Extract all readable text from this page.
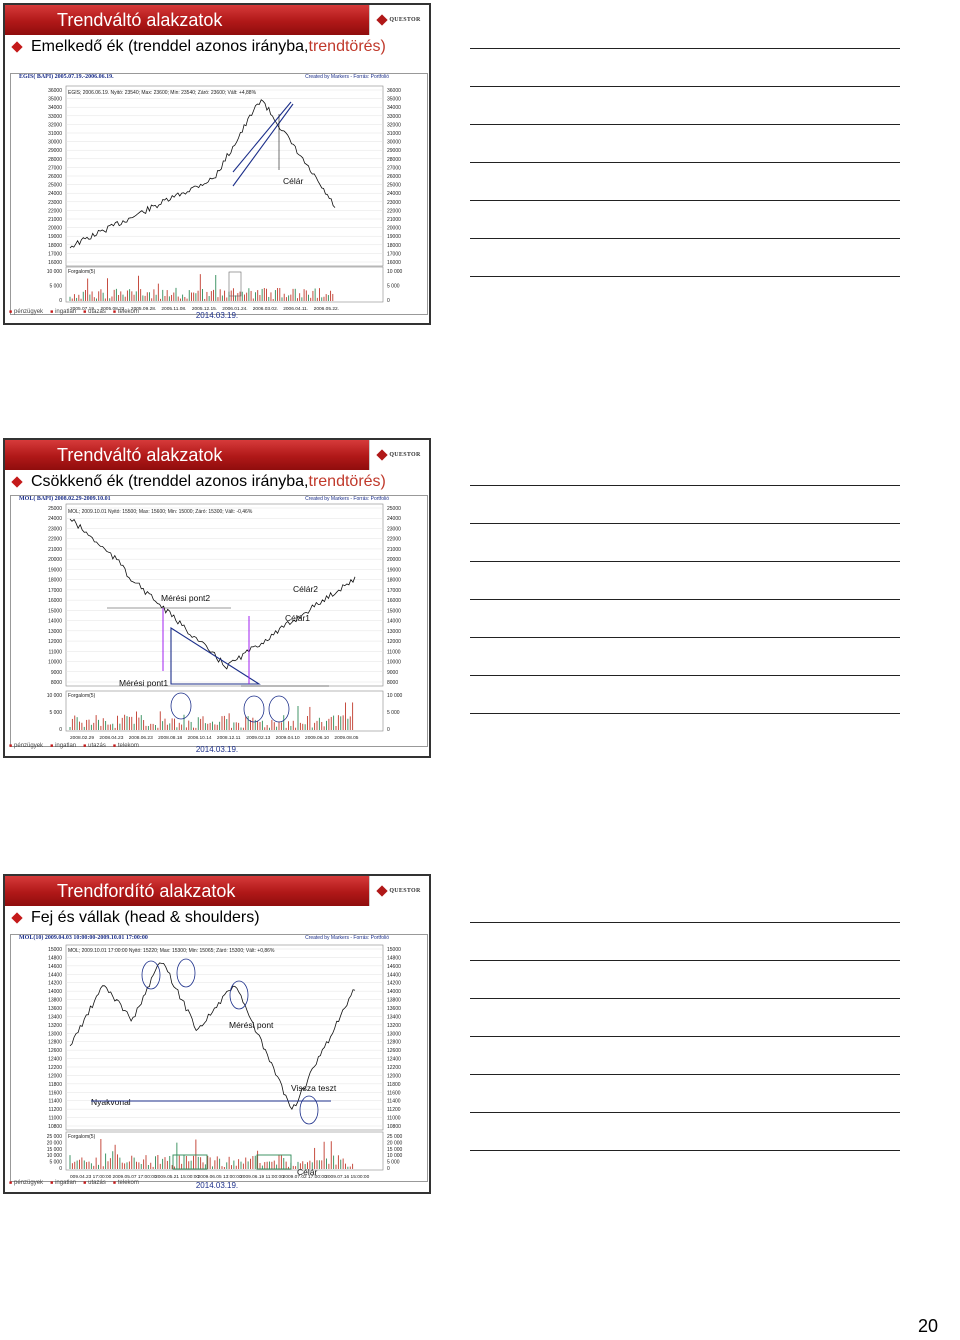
Trendváltó alakzatok	QUESTOR
Emelkedő ék (trenddel azonos irányba, trendtörés)
EGIS( BAPI) 2005.07.19.-2006.06.19.	Created by Markers - Forrás: Portfolió
36000	36000
35000	35000
34000	34000
33000	33000
32000	32000
31000	31000
30000	30000
29000	29000
28000	28000
27000	27000
26000	26000
25000	25000
24000	24000
23000	23000
22000	22000
21000	21000
20000	20000
19000	19000
18000	18000
17000	17000
16000	16000
Forgalom(5)
10 000	10 000
5 000	5 000
0	0
2005.07.19. 2005.08.22. 2005.09.28. 2005.11.08. 2005.12.15. 2006.01.24. 2006.03.02. 2006.04.11. 2006.05.22.
Célár
EGIS; 2006.06.19. Nyitó: 23540; Max: 23600; Min: 23540; Záró: 23600; Vált: +4,88%
■ pénzügyek	■ ingatlan	■ utazás	■ telekom	2014.03.19.
Trendváltó alakzatok	QUESTOR
Csökkenő ék (trenddel azonos irányba, trendtörés)
MOL( BAPI) 2008.02.29-2009.10.01	Created by Markers - Forrás: Portfolió
25000	25000
24000	24000
23000	23000
22000	22000
21000	21000
20000	20000
19000	19000
18000	18000
17000	17000
16000	16000
15000	15000
14000	14000
13000	13000
12000	12000
11000	11000
10000	10000
9000	9000
8000	8000
Forgalom(5)
10 000	10 000
5 000	5 000
0	0
2008.02.29 2008.04.23 2008.06.23 2008.08.18 2008.10.14 2008.12.11 2009.02.13 2009.04.10 2009.06.10 2009.08.05
Mérési pont2
Célár2
Célár1
Mérési pont1
MOL; 2009.10.01 Nyitó: 15500; Max: 15600; Min: 15000; Záró: 15300; Vált: -0,46%
■ pénzügyek	■ ingatlan	■ utazás	■ telekom	2014.03.19.
Trendfordító alakzatok	QUESTOR
Fej és vállak (head & shoulders)
MOL(10) 2009.04.03 10:00:00-2009.10.01 17:00:00	Created by Markers - Forrás: Portfolió
15000	15000
14800	14800
14600	14600
14400	14400
14200	14200
14000	14000
13800	13800
13600	13600
13400	13400
13200	13200
13000	13000
12800	12800
12600	12600
12400	12400
12200	12200
12000	12000
11800	11800
11600	11600
11400	11400
11200	11200
11000	11000
10800	10800
Forgalom(5)
25 000	25 000
20 000	20 000
15 000	15 000
10 000	10 000
5 000	5 000
0	0
009.04.23 17:00:00 2009.05.07 17:00:00
2009.05.21 15:00:00
2009.06.05 13:00:00
2009.06.19 11:00:00
2009.07.02 17:00:00
2009.07.16 15:00:00
Mérési pont
Vissza teszt
Nyakvonal
Célár
MOL; 2009.10.01 17:00:00 Nyitó: 15220; Max: 15300; Min: 15065; Záró: 15300; Vált: +0,86%
■ pénzügyek	■ ingatlan	■ utazás	■ telekom	2014.03.19.
20
